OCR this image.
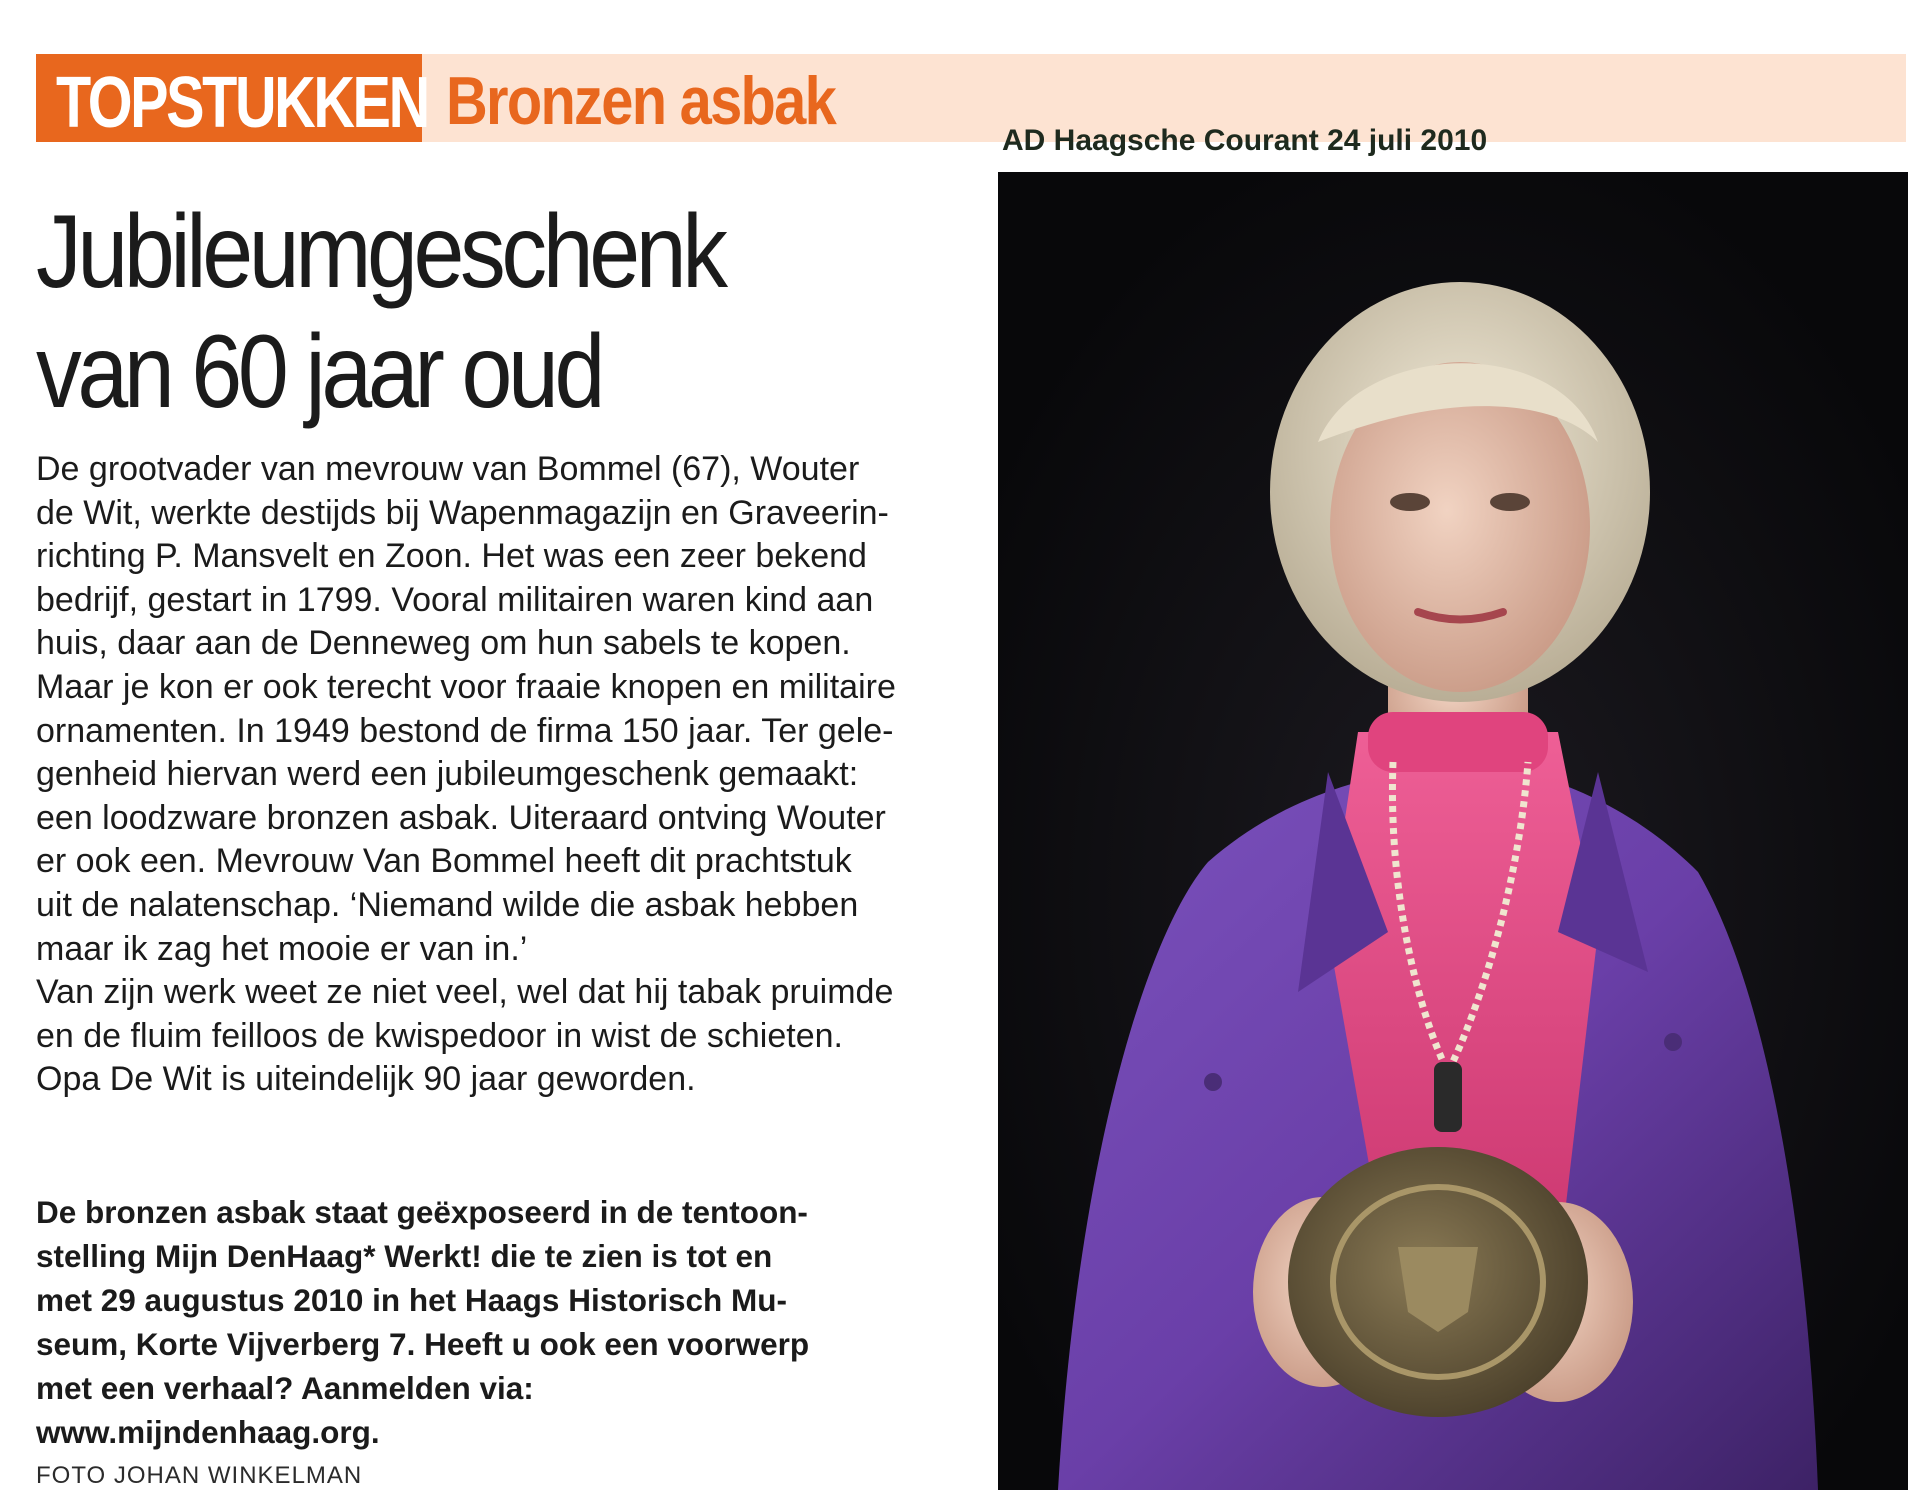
TOPSTUKKEN Bronzen asbak
AD Haagsche Courant 24 juli 2010
Jubileumgeschenk
van 60 jaar oud
De grootvader van mevrouw van Bommel (67), Wouter
de Wit, werkte destijds bij Wapenmagazijn en Graveerin-
richting P. Mansvelt en Zoon. Het was een zeer bekend
bedrijf, gestart in 1799. Vooral militairen waren kind aan
huis, daar aan de Denneweg om hun sabels te kopen.
Maar je kon er ook terecht voor fraaie knopen en militaire
ornamenten. In 1949 bestond de firma 150 jaar. Ter gele-
genheid hiervan werd een jubileumgeschenk gemaakt:
een loodzware bronzen asbak. Uiteraard ontving Wouter
er ook een. Mevrouw Van Bommel heeft dit prachtstuk
uit de nalatenschap. ‘Niemand wilde die asbak hebben
maar ik zag het mooie er van in.’
Van zijn werk weet ze niet veel, wel dat hij tabak pruimde
en de fluim feilloos de kwispedoor in wist de schieten.
Opa De Wit is uiteindelijk 90 jaar geworden.
De bronzen asbak staat geëxposeerd in de tentoon-
stelling Mijn DenHaag* Werkt! die te zien is tot en
met 29 augustus 2010 in het Haags Historisch Mu-
seum, Korte Vijverberg 7. Heeft u ook een voorwerp
met een verhaal? Aanmelden via:
www.mijndenhaag.org.
FOTO JOHAN WINKELMAN
